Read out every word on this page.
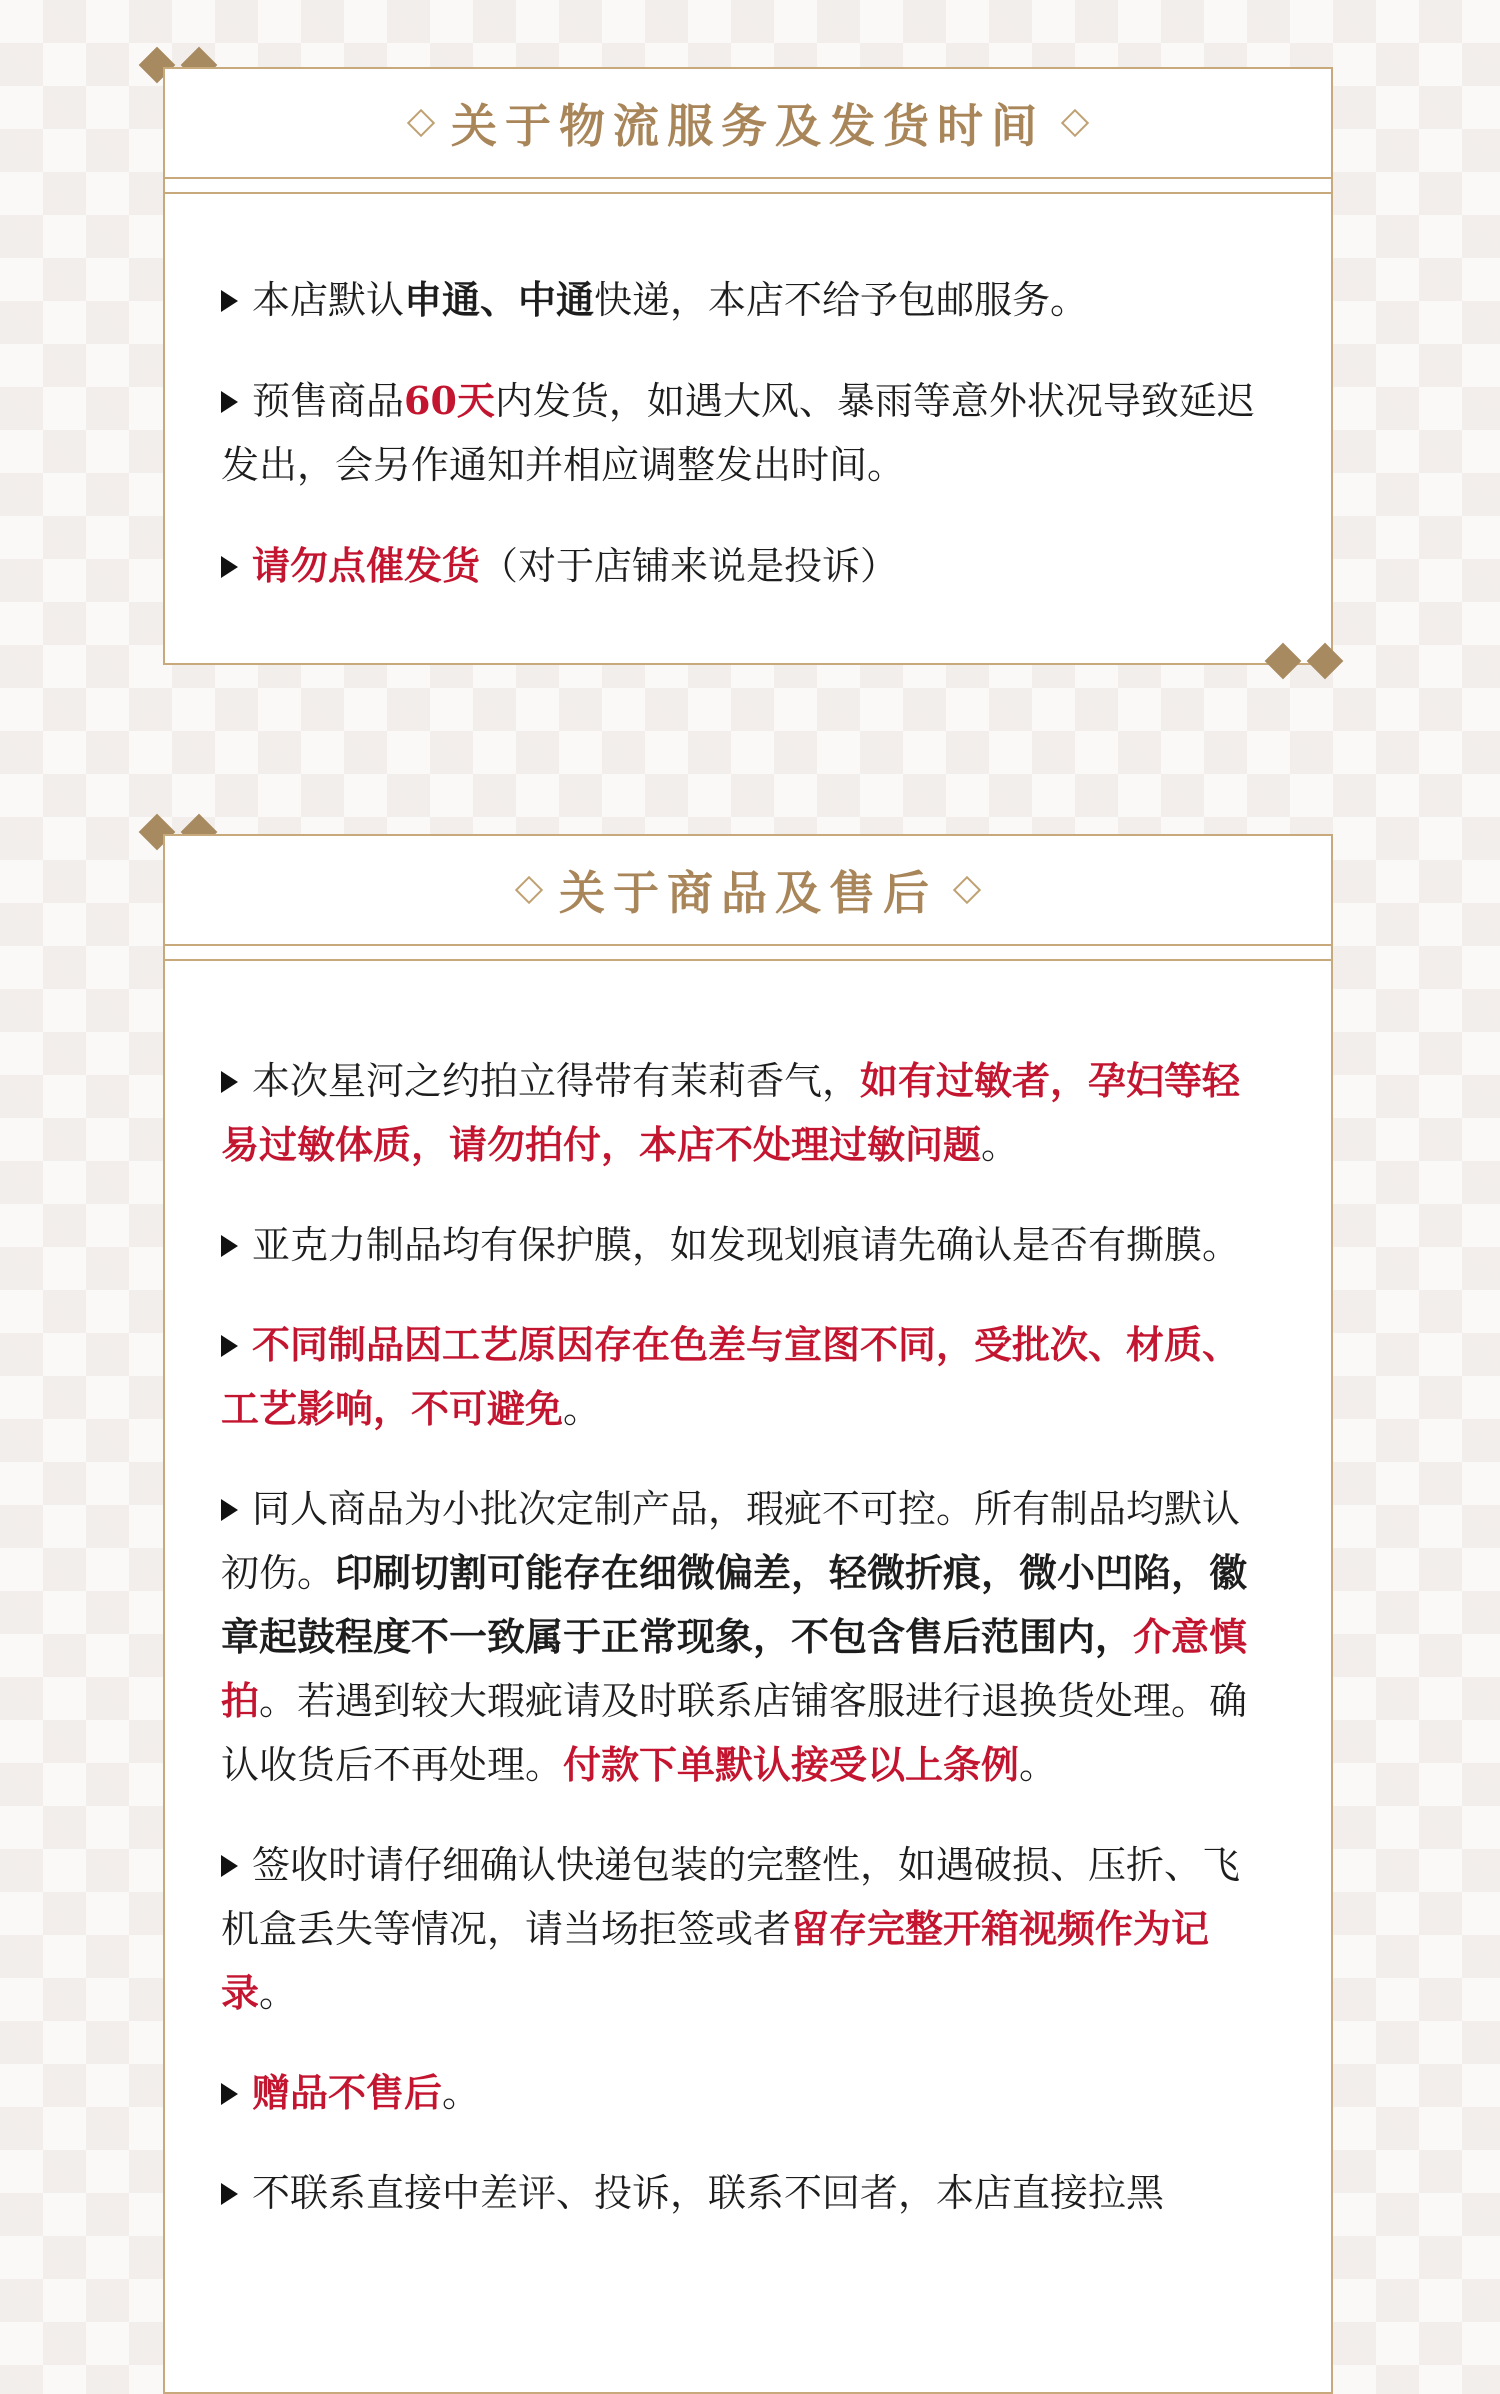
关于物流服务及发货时间
本店默认申通、中通快递，本店不给予包邮服务。
预售商品60天内发货，如遇大风、暴雨等意外状况导致延迟发出，会另作通知并相应调整发出时间。
请勿点催发货（对于店铺来说是投诉）
关于商品及售后
本次星河之约拍立得带有茉莉香气，如有过敏者，孕妇等轻易过敏体质，请勿拍付，本店不处理过敏问题。
亚克力制品均有保护膜，如发现划痕请先确认是否有撕膜。
不同制品因工艺原因存在色差与宣图不同，受批次、材质、工艺影响，不可避免。
同人商品为小批次定制产品，瑕疵不可控。所有制品均默认初伤。印刷切割可能存在细微偏差，轻微折痕，微小凹陷，徽章起鼓程度不一致属于正常现象，不包含售后范围内，介意慎拍。若遇到较大瑕疵请及时联系店铺客服进行退换货处理。确认收货后不再处理。付款下单默认接受以上条例。
签收时请仔细确认快递包装的完整性，如遇破损、压折、飞机盒丢失等情况，请当场拒签或者留存完整开箱视频作为记录。
赠品不售后。
不联系直接中差评、投诉，联系不回者，本店直接拉黑
